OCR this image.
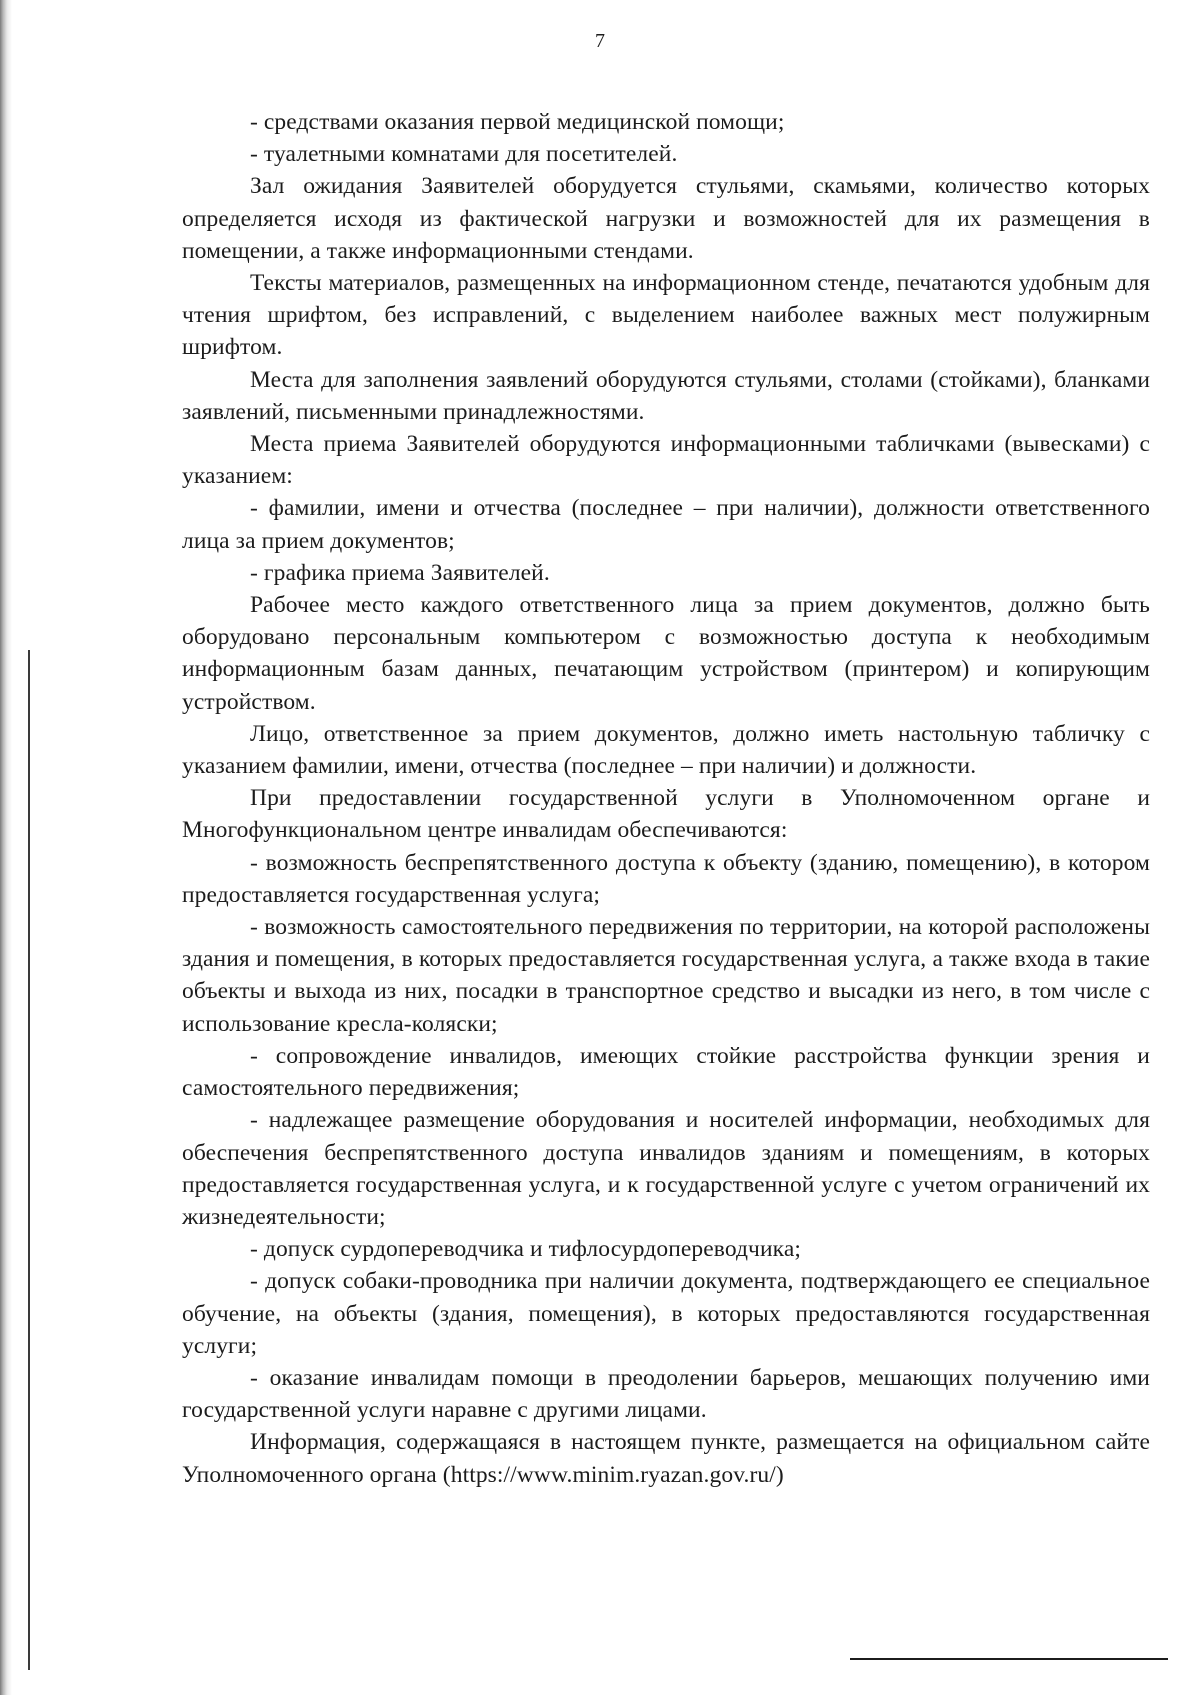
7

- средствами оказания первой медицинской помощи;

- туалетными комнатами для посетителей.

Зал ожидания Заявителей оборудуется стульями, скамьями, количество которых определяется исходя из фактической нагрузки и возможностей для их размещения в помещении, а также информационными стендами.

Тексты материалов, размещенных на информационном стенде, печатаются удобным для чтения шрифтом, без исправлений, с выделением наиболее важных мест полужирным шрифтом.

Места для заполнения заявлений оборудуются стульями, столами (стойками), бланками заявлений, письменными принадлежностями.

Места приема Заявителей оборудуются информационными табличками (вывесками) с указанием:

- фамилии, имени и отчества (последнее – при наличии), должности ответственного лица за прием документов;

- графика приема Заявителей.

Рабочее место каждого ответственного лица за прием документов, должно быть оборудовано персональным компьютером с возможностью доступа к необходимым информационным базам данных, печатающим устройством (принтером) и копирующим устройством.

Лицо, ответственное за прием документов, должно иметь настольную табличку с указанием фамилии, имени, отчества (последнее – при наличии) и должности.

При предоставлении государственной услуги в Уполномоченном органе и Многофункциональном центре инвалидам обеспечиваются:

- возможность беспрепятственного доступа к объекту (зданию, помещению), в котором предоставляется государственная услуга;

- возможность самостоятельного передвижения по территории, на которой расположены здания и помещения, в которых предоставляется государственная услуга, а также входа в такие объекты и выхода из них, посадки в транспортное средство и высадки из него, в том числе с использование кресла-коляски;

- сопровождение инвалидов, имеющих стойкие расстройства функции зрения и самостоятельного передвижения;

- надлежащее размещение оборудования и носителей информации, необходимых для обеспечения беспрепятственного доступа инвалидов зданиям и помещениям, в которых предоставляется государственная услуга, и к государственной услуге с учетом ограничений их жизнедеятельности;

- допуск сурдопереводчика и тифлосурдопереводчика;

- допуск собаки-проводника при наличии документа, подтверждающего ее специальное обучение, на объекты (здания, помещения), в которых предоставляются государственная услуги;

- оказание инвалидам помощи в преодолении барьеров, мешающих получению ими государственной услуги наравне с другими лицами.

Информация, содержащаяся в настоящем пункте, размещается на официальном сайте Уполномоченного органа (https://www.minim.ryazan.gov.ru/)
